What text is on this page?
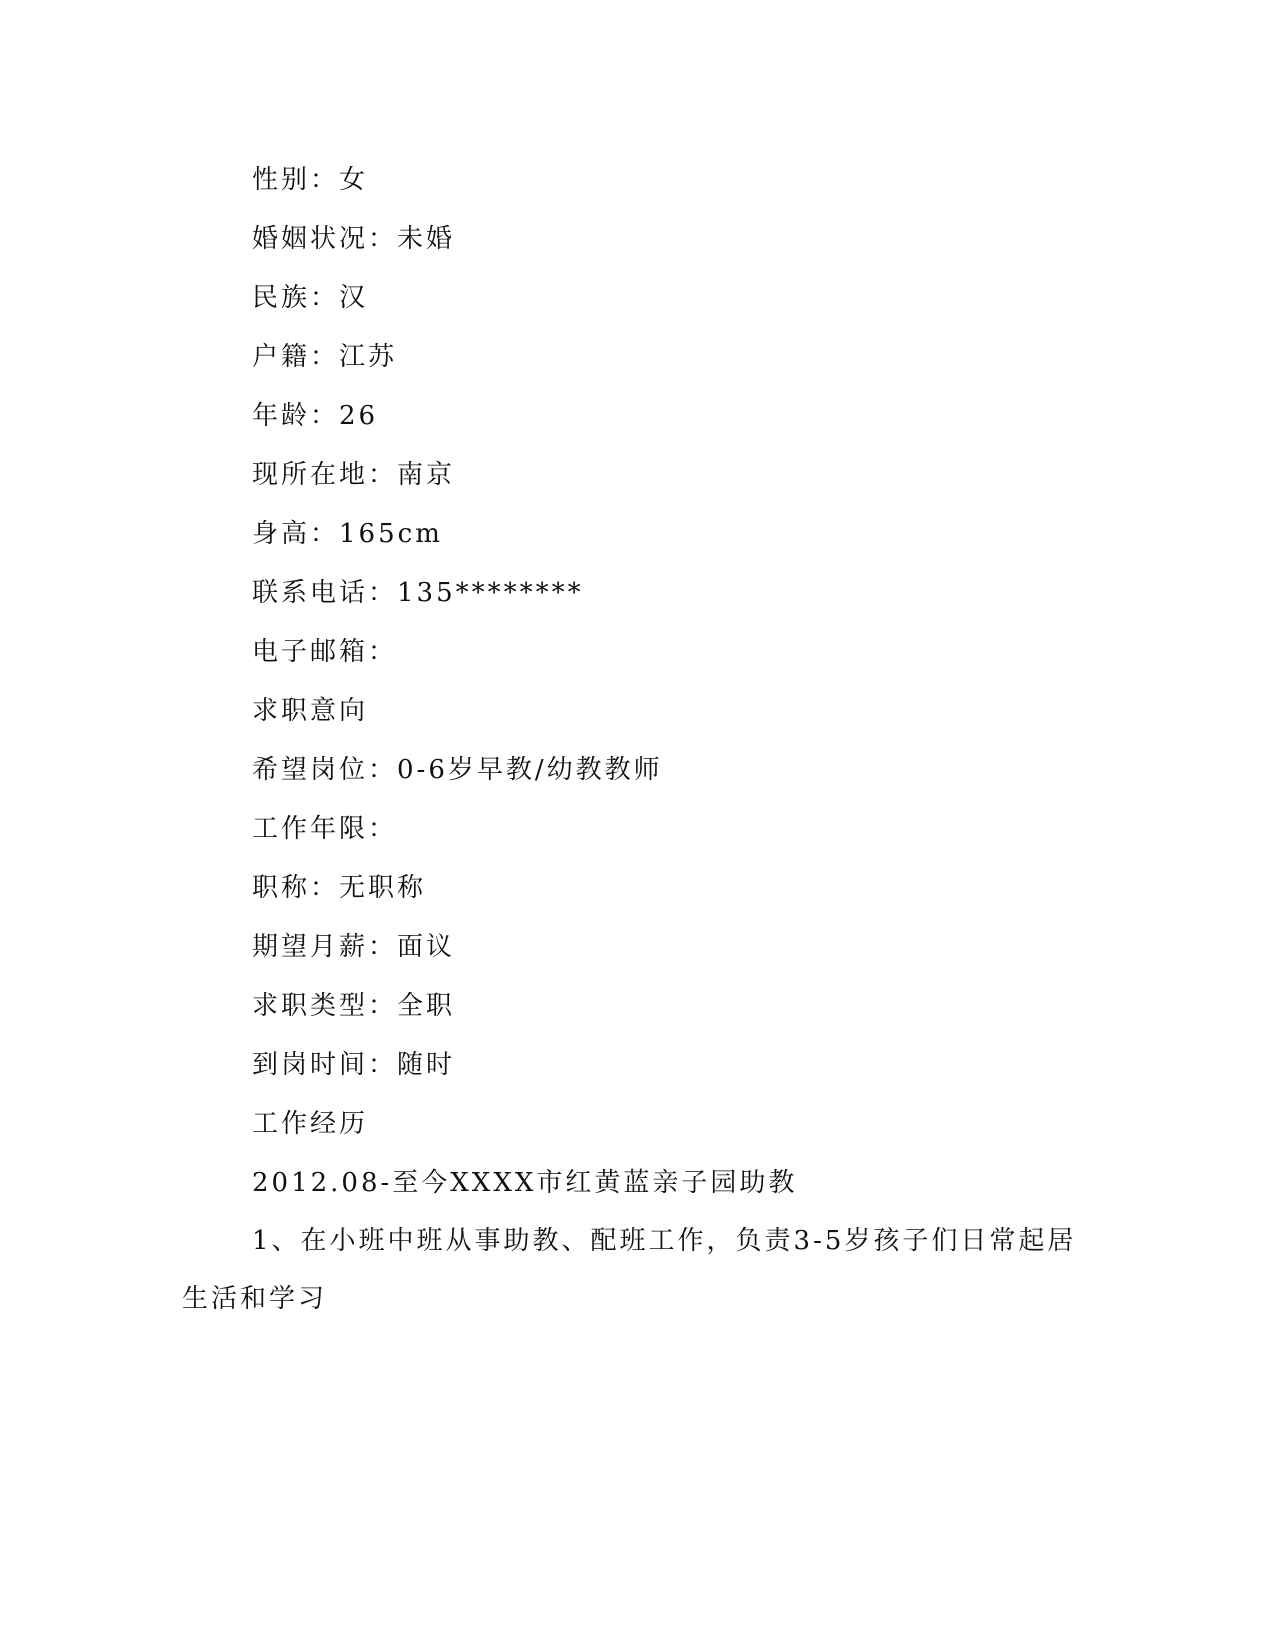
性别：女
婚姻状况：未婚
民族：汉
户籍：江苏
年龄：26
现所在地：南京
身高：165cm
联系电话：135********
电子邮箱：
求职意向
希望岗位：0-6岁早教/幼教教师
工作年限：
职称：无职称
期望月薪：面议
求职类型：全职
到岗时间：随时
工作经历
2012.08-至今XXXX市红黄蓝亲子园助教
1、在小班中班从事助教、配班工作，负责3-5岁孩子们日常起居
生活和学习
